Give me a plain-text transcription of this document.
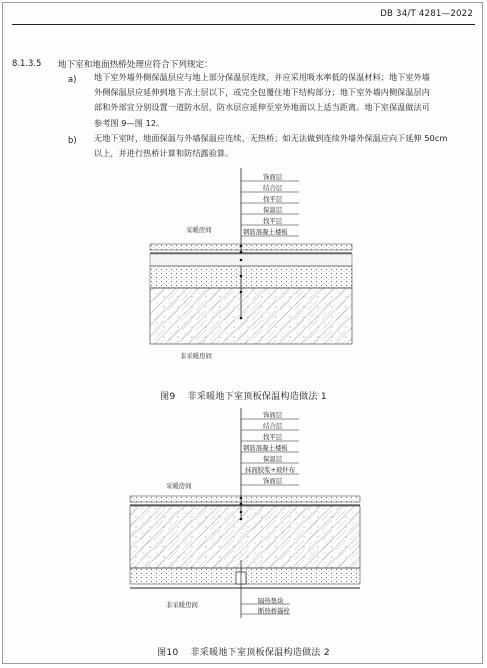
DB 34/T 4281—2022
8.1.3.5 地下室和地面热桥处理应符合下列规定：
a) 地下室外墙外侧保温层应与地上部分保温层连续，并应采用吸水率低的保温材料；地下室外墙
外侧保温层应延伸到地下冻土层以下，或完全包覆住地下结构部分；地下室外墙内侧保温层内
部和外部宜分别设置一道防水层，防水层应延伸至室外地面以上适当距离。地下室保温做法可
参考图 9—图 12。
b) 无地下室时，地面保温与外墙保温应连续、无热桥；如无法做到连续外墙外保温应向下延伸 50cm
以上，并进行热桥计算和防结露验算。
饰面层
结合层
找平层
保温层
找平层
钢筋混凝土楼板
采暖房间
非采暖房间
图9 非采暖地下室顶板保温构造做法 1
饰面层
结合层
找平层
钢筋混凝土楼板
保温层
抹面胶浆+玻纤布
饰面层
采暖房间
非采暖房间	隔热垫块
断热桥锚栓
图10 非采暖地下室顶板保温构造做法 2
